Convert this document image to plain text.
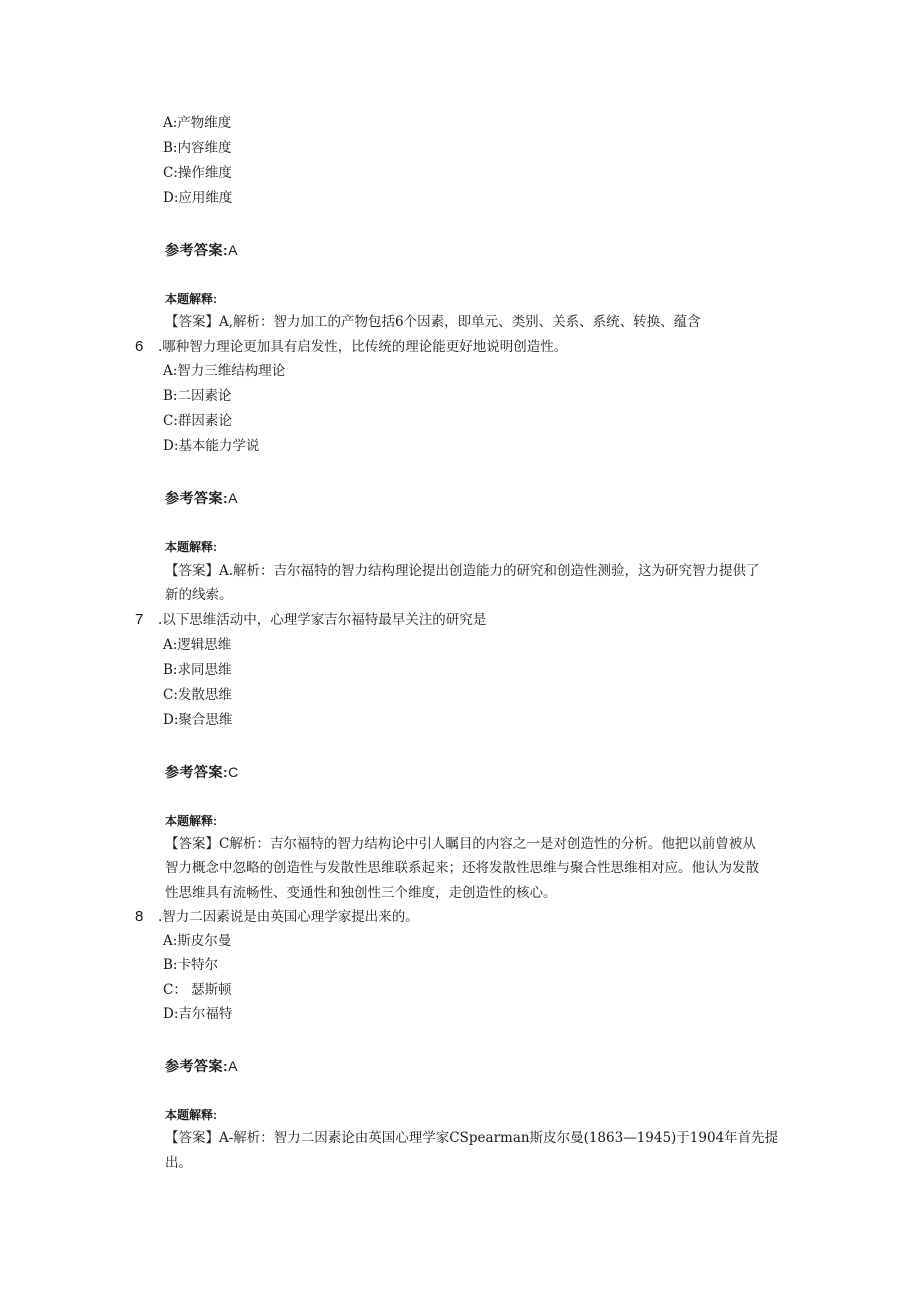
A:产物维度
B:内容维度
C:操作维度
D:应用维度
参考答案:A
本题解释:
【答案】A,解析：智力加工的产物包括6个因素，即单元、类别、关系、系统、转换、蕴含
6 .哪种智力理论更加具有启发性，比传统的理论能更好地说明创造性。
A:智力三维结构理论
B:二因素论
C:群因素论
D:基本能力学说
参考答案:A
本题解释:
【答案】A.解析：吉尔福特的智力结构理论提出创造能力的研究和创造性测验，这为研究智力提供了
新的线索。
7 .以下思维活动中，心理学家吉尔福特最早关注的研究是
A:逻辑思维
B:求同思维
C:发散思维
D:聚合思维
参考答案:C
本题解释:
【答案】C解析：吉尔福特的智力结构论中引人瞩目的内容之一是对创造性的分析。他把以前曾被从
智力概念中忽略的创造性与发散性思维联系起来；还将发散性思维与聚合性思维相对应。他认为发散
性思维具有流畅性、变通性和独创性三个维度，走创造性的核心。
8 .智力二因素说是由英国心理学家提出来的。
A:斯皮尔曼
B:卡特尔
C： 瑟斯顿
D:吉尔福特
参考答案:A
本题解释:
【答案】A-解析：智力二因素论由英国心理学家CSpearman斯皮尔曼(1863—1945)于1904年首先提
出。
